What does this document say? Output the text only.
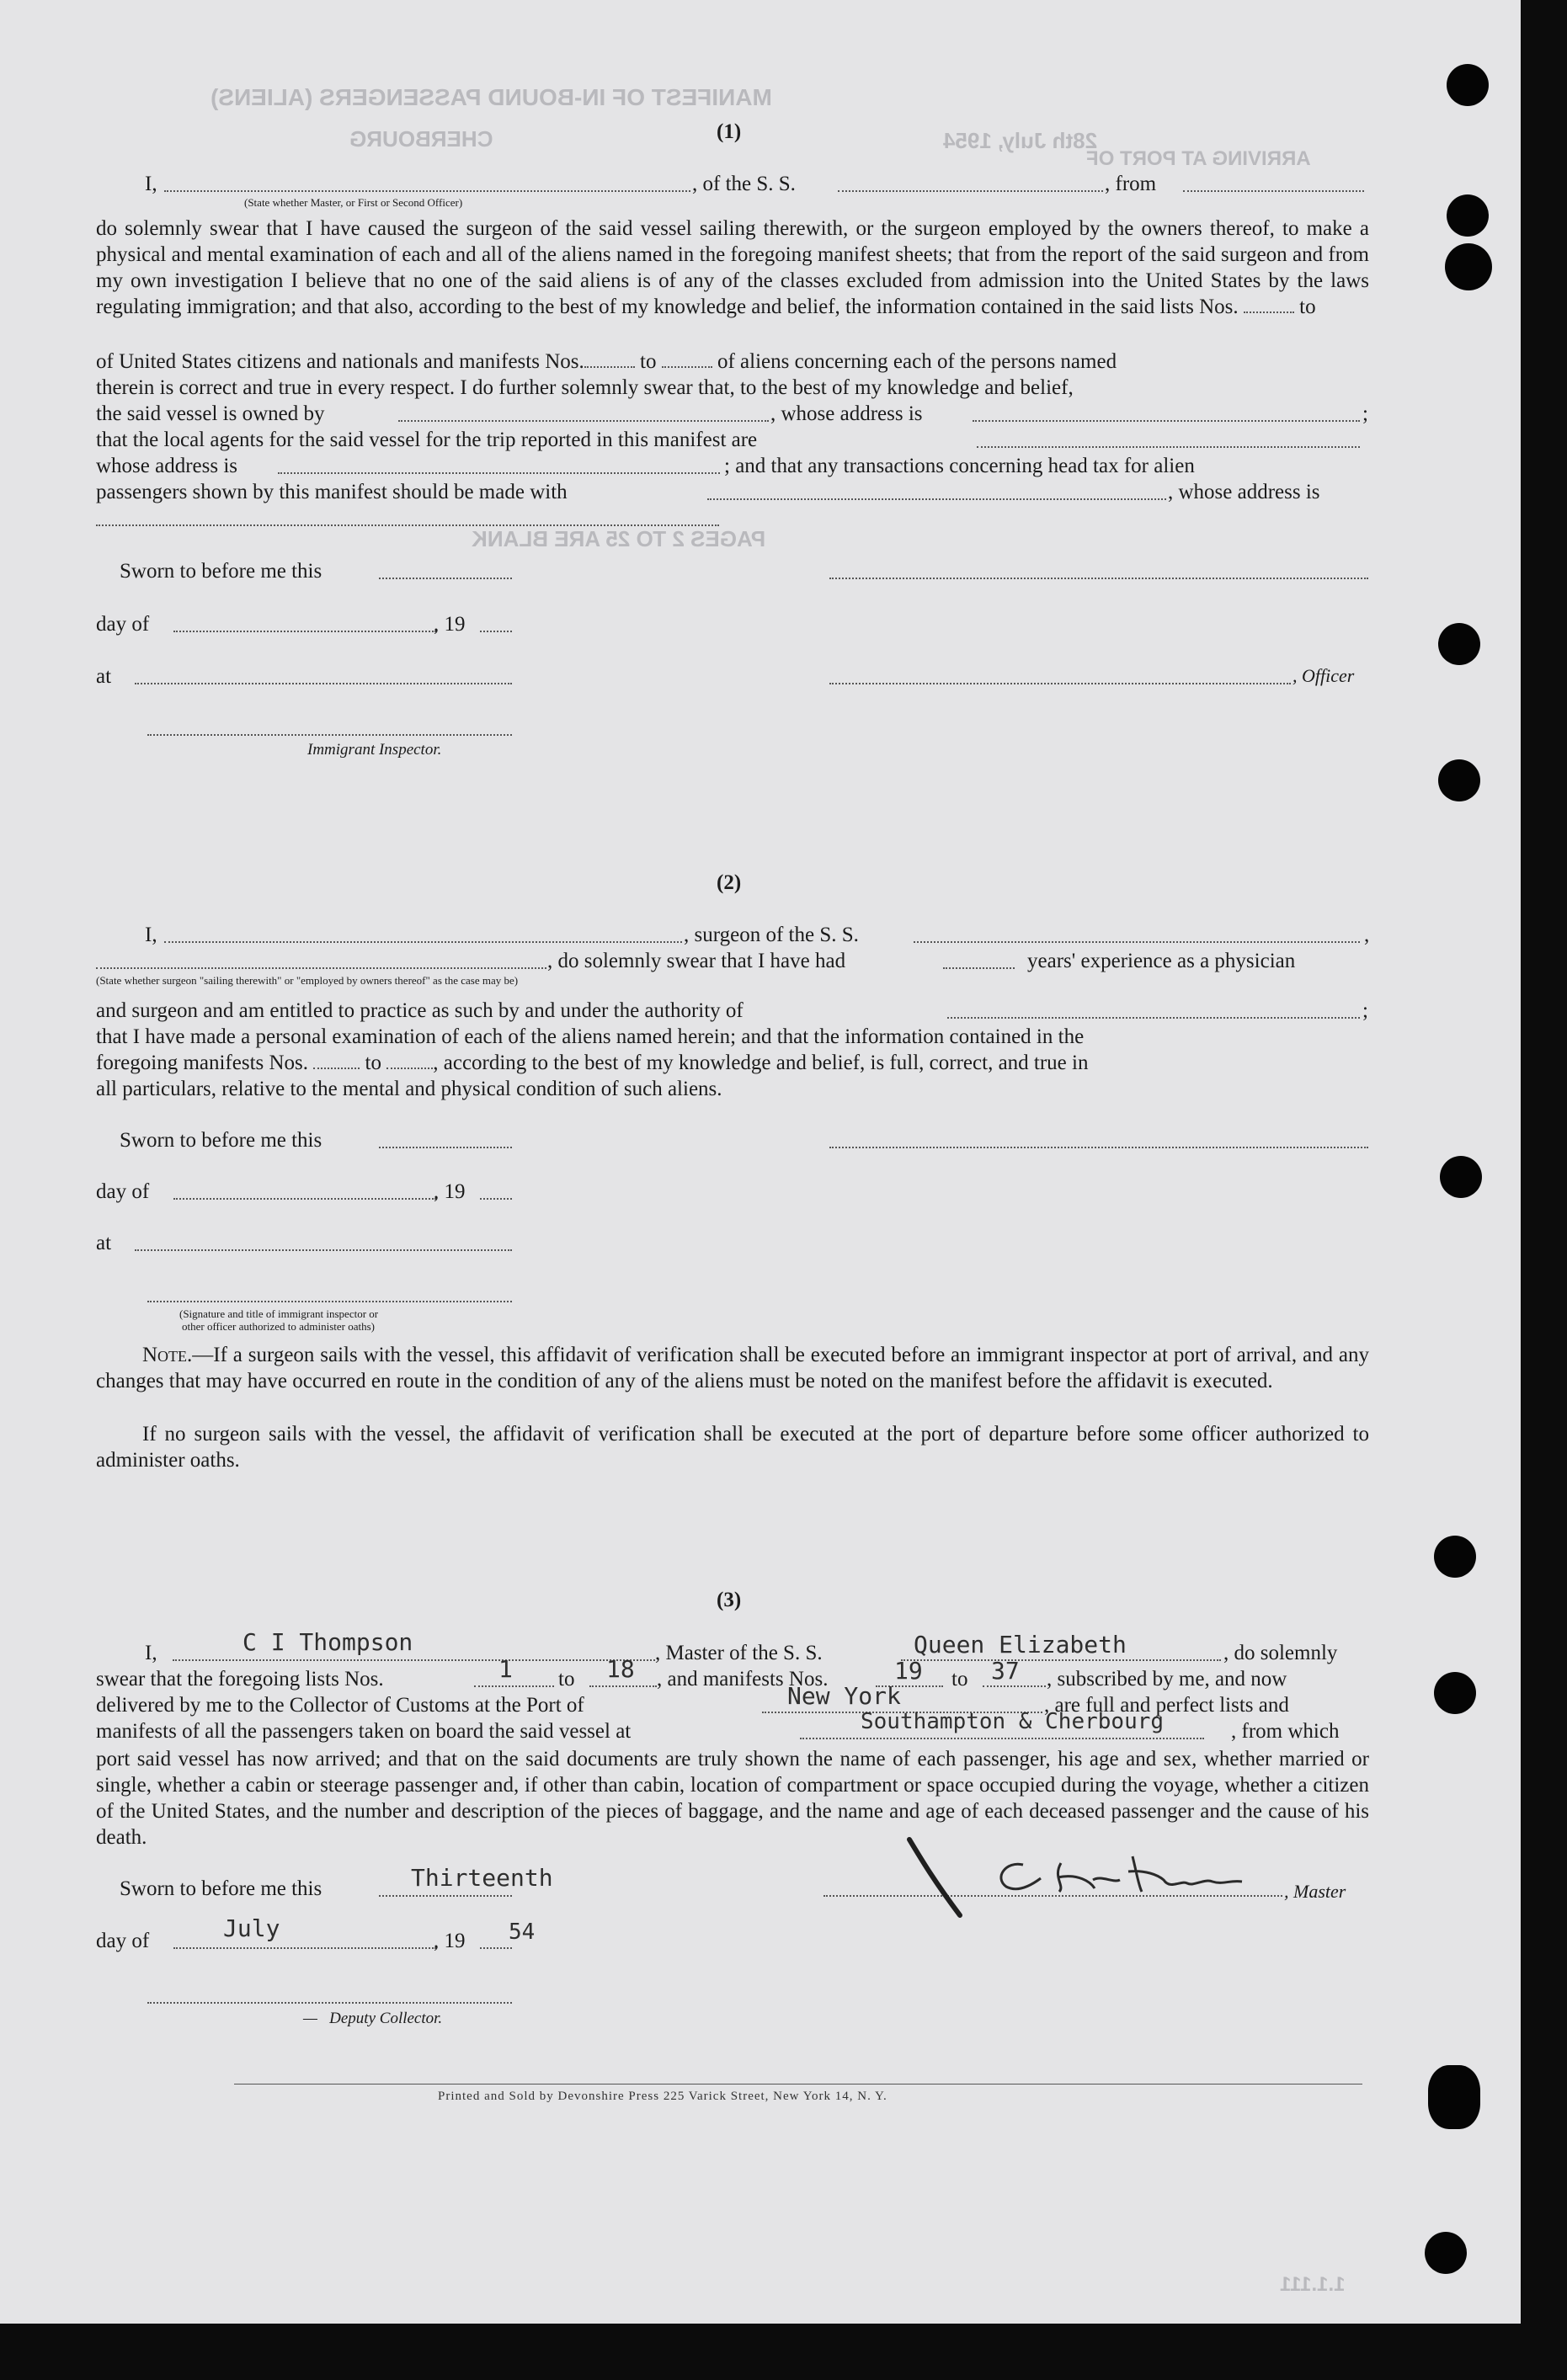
MANIFEST OF IN-BOUND PASSENGERS (ALIENS)
CHERBOURG
ARRIVING AT PORT OF
28th July, 1954
PAGES 2 TO 25 ARE BLANK
1.1.111
(1)
I,	, of the S. S.	, from
(State whether Master, or First or Second Officer)
do solemnly swear that I have caused the surgeon of the said vessel sailing therewith, or the surgeon employed by the owners thereof, to make a physical and mental examination of each and all of the aliens named in the foregoing manifest sheets; that from the report of the said surgeon and from my own investigation I believe that no one of the said aliens is of any of the classes excluded from admission into the United States by the laws regulating immigration; and that also, according to the best of my knowledge and belief, the information contained in the said lists Nos.	to
of United States citizens and nationals and manifests Nos.	to	of aliens concerning each of the persons named
therein is correct and true in every respect. I do further solemnly swear that, to the best of my knowledge and belief,
the said vessel is owned by	, whose address is	;
that the local agents for the said vessel for the trip reported in this manifest are
whose address is	; and that any transactions concerning head tax for alien
passengers shown by this manifest should be made with	, whose address is
Sworn to before me this
day of	, 19
at	, Officer
Immigrant Inspector.
(2)
I,	, surgeon of the S. S.	,
, do solemnly swear that I have had	years' experience as a physician
(State whether surgeon "sailing therewith" or "employed by owners thereof" as the case may be)
and surgeon and am entitled to practice as such by and under the authority of	;
that I have made a personal examination of each of the aliens named herein; and that the information contained in the
foregoing manifests Nos.	to , according to the best of my knowledge and belief, is full, correct, and true in
all particulars, relative to the mental and physical condition of such aliens.
Sworn to before me this
day of	, 19
at
(Signature and title of immigrant inspector or
other officer authorized to administer oaths)
Note.—If a surgeon sails with the vessel, this affidavit of verification shall be executed before an immigrant inspector at port of arrival, and any changes that may have occurred en route in the condition of any of the aliens must be noted on the manifest before the affidavit is executed.
If no surgeon sails with the vessel, the affidavit of verification shall be executed at the port of departure before some officer authorized to administer oaths.
(3)
I,	C I Thompson	, Master of the S. S.	Queen Elizabeth	, do solemnly
swear that the foregoing lists Nos.	1 to 18 , and manifests Nos.	19 to 37 , subscribed by me, and now
delivered by me to the Collector of Customs at the Port of	New York	, are full and perfect lists and
manifests of all the passengers taken on board the said vessel at	Southampton & Cherbourg	, from which
port said vessel has now arrived; and that on the said documents are truly shown the name of each passenger, his age and sex, whether married or single, whether a cabin or steerage passenger and, if other than cabin, location of compartment or space occupied during the voyage, whether a citizen of the United States, and the number and description of the pieces of baggage, and the name and age of each deceased passenger and the cause of his death.
Sworn to before me this	Thirteenth	, Master
day of	July	, 19 54
—   Deputy Collector.
Printed and Sold by Devonshire Press 225 Varick Street, New York 14, N. Y.
